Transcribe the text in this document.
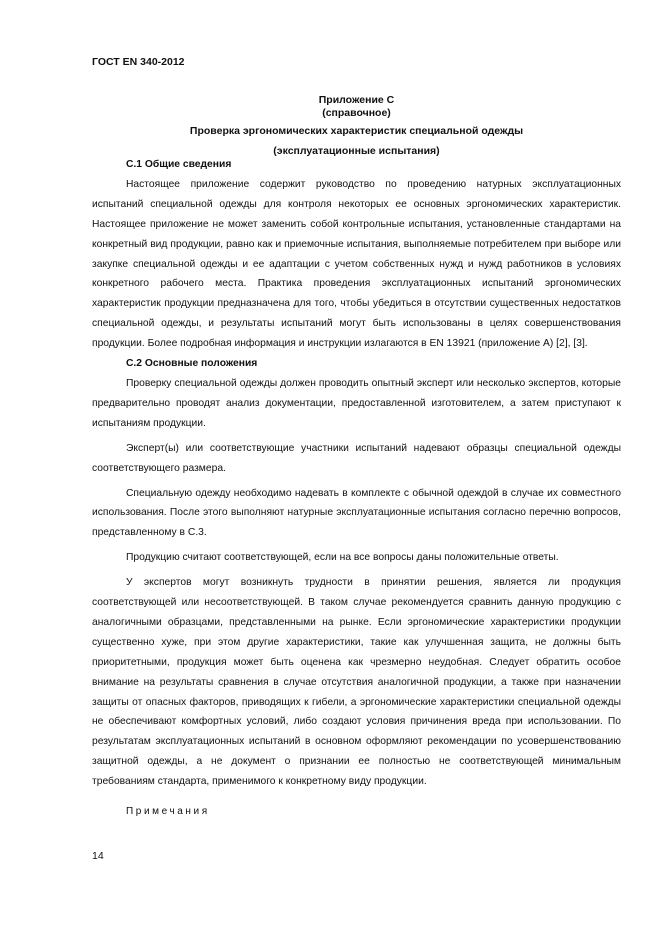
ГОСТ EN 340-2012
Приложение С
(справочное)
Проверка эргономических характеристик специальной одежды
(эксплуатационные испытания)

С.1 Общие сведения

Настоящее приложение содержит руководство по проведению натурных эксплуатационных испытаний специальной одежды для контроля некоторых ее основных эргономических характеристик. Настоящее приложение не может заменить собой контрольные испытания, установленные стандартами на конкретный вид продукции, равно как и приемочные испытания, выполняемые потребителем при выборе или закупке специальной одежды и ее адаптации с учетом собственных нужд и нужд работников в условиях конкретного рабочего места. Практика проведения эксплуатационных испытаний эргономических характеристик продукции предназначена для того, чтобы убедиться в отсутствии существенных недостатков специальной одежды, и результаты испытаний могут быть использованы в целях совершенствования продукции. Более подробная информация и инструкции излагаются в EN 13921 (приложение А) [2], [3].

С.2 Основные положения

Проверку специальной одежды должен проводить опытный эксперт или несколько экспертов, которые предварительно проводят анализ документации, предоставленной изготовителем, а затем приступают к испытаниям продукции.

Эксперт(ы) или соответствующие участники испытаний надевают образцы специальной одежды соответствующего размера.

Специальную одежду необходимо надевать в комплекте с обычной одеждой в случае их совместного использования. После этого выполняют натурные эксплуатационные испытания согласно перечню вопросов, представленному в С.3.

Продукцию считают соответствующей, если на все вопросы даны положительные ответы.

У экспертов могут возникнуть трудности в принятии решения, является ли продукция соответствующей или несоответствующей. В таком случае рекомендуется сравнить данную продукцию с аналогичными образцами, представленными на рынке. Если эргономические характеристики продукции существенно хуже, при этом другие характеристики, такие как улучшенная защита, не должны быть приоритетными, продукция может быть оценена как чрезмерно неудобная. Следует обратить особое внимание на результаты сравнения в случае отсутствия аналогичной продукции, а также при назначении защиты от опасных факторов, приводящих к гибели, а эргономические характеристики специальной одежды не обеспечивают комфортных условий, либо создают условия причинения вреда при использовании. По результатам эксплуатационных испытаний в основном оформляют рекомендации по усовершенствованию защитной одежды, а не документ о признании ее полностью не соответствующей минимальным требованиям стандарта, применимого к конкретному виду продукции.

Примечания
14
